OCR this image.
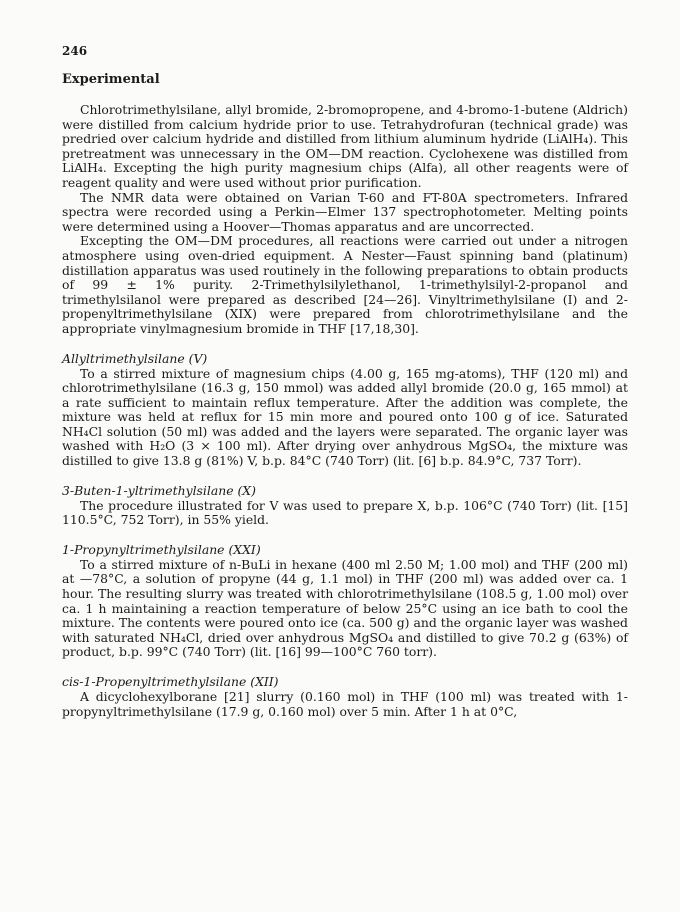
246
Experimental

Chlorotrimethylsilane, allyl bromide, 2-bromopropene, and 4-bromo-1-butene (Aldrich) were distilled from calcium hydride prior to use. Tetrahydrofuran (technical grade) was predried over calcium hydride and distilled from lithium aluminum hydride (LiAlH₄). This pretreatment was unnecessary in the OM—DM reaction. Cyclohexene was distilled from LiAlH₄. Excepting the high purity magnesium chips (Alfa), all other reagents were of reagent quality and were used without prior purification.

The NMR data were obtained on Varian T-60 and FT-80A spectrometers. Infrared spectra were recorded using a Perkin—Elmer 137 spectrophotometer. Melting points were determined using a Hoover—Thomas apparatus and are uncorrected.

Excepting the OM—DM procedures, all reactions were carried out under a nitrogen atmosphere using oven-dried equipment. A Nester—Faust spinning band (platinum) distillation apparatus was used routinely in the following preparations to obtain products of 99 ± 1% purity. 2-Trimethylsilylethanol, 1-trimethylsilyl-2-propanol and trimethylsilanol were prepared as described [24—26]. Vinyltrimethylsilane (I) and 2-propenyltrimethylsilane (XIX) were prepared from chlorotrimethylsilane and the appropriate vinylmagnesium bromide in THF [17,18,30].

Allyltrimethylsilane (V)

To a stirred mixture of magnesium chips (4.00 g, 165 mg-atoms), THF (120 ml) and chlorotrimethylsilane (16.3 g, 150 mmol) was added allyl bromide (20.0 g, 165 mmol) at a rate sufficient to maintain reflux temperature. After the addition was complete, the mixture was held at reflux for 15 min more and poured onto 100 g of ice. Saturated NH₄Cl solution (50 ml) was added and the layers were separated. The organic layer was washed with H₂O (3 × 100 ml). After drying over anhydrous MgSO₄, the mixture was distilled to give 13.8 g (81%) V, b.p. 84°C (740 Torr) (lit. [6] b.p. 84.9°C, 737 Torr).

3-Buten-1-yltrimethylsilane (X)

The procedure illustrated for V was used to prepare X, b.p. 106°C (740 Torr) (lit. [15] 110.5°C, 752 Torr), in 55% yield.

1-Propynyltrimethylsilane (XXI)

To a stirred mixture of n-BuLi in hexane (400 ml 2.50 M; 1.00 mol) and THF (200 ml) at —78°C, a solution of propyne (44 g, 1.1 mol) in THF (200 ml) was added over ca. 1 hour. The resulting slurry was treated with chlorotrimethylsilane (108.5 g, 1.00 mol) over ca. 1 h maintaining a reaction temperature of below 25°C using an ice bath to cool the mixture. The contents were poured onto ice (ca. 500 g) and the organic layer was washed with saturated NH₄Cl, dried over anhydrous MgSO₄ and distilled to give 70.2 g (63%) of product, b.p. 99°C (740 Torr) (lit. [16] 99—100°C 760 torr).

cis-1-Propenyltrimethylsilane (XII)

A dicyclohexylborane [21] slurry (0.160 mol) in THF (100 ml) was treated with 1-propynyltrimethylsilane (17.9 g, 0.160 mol) over 5 min. After 1 h at 0°C,
